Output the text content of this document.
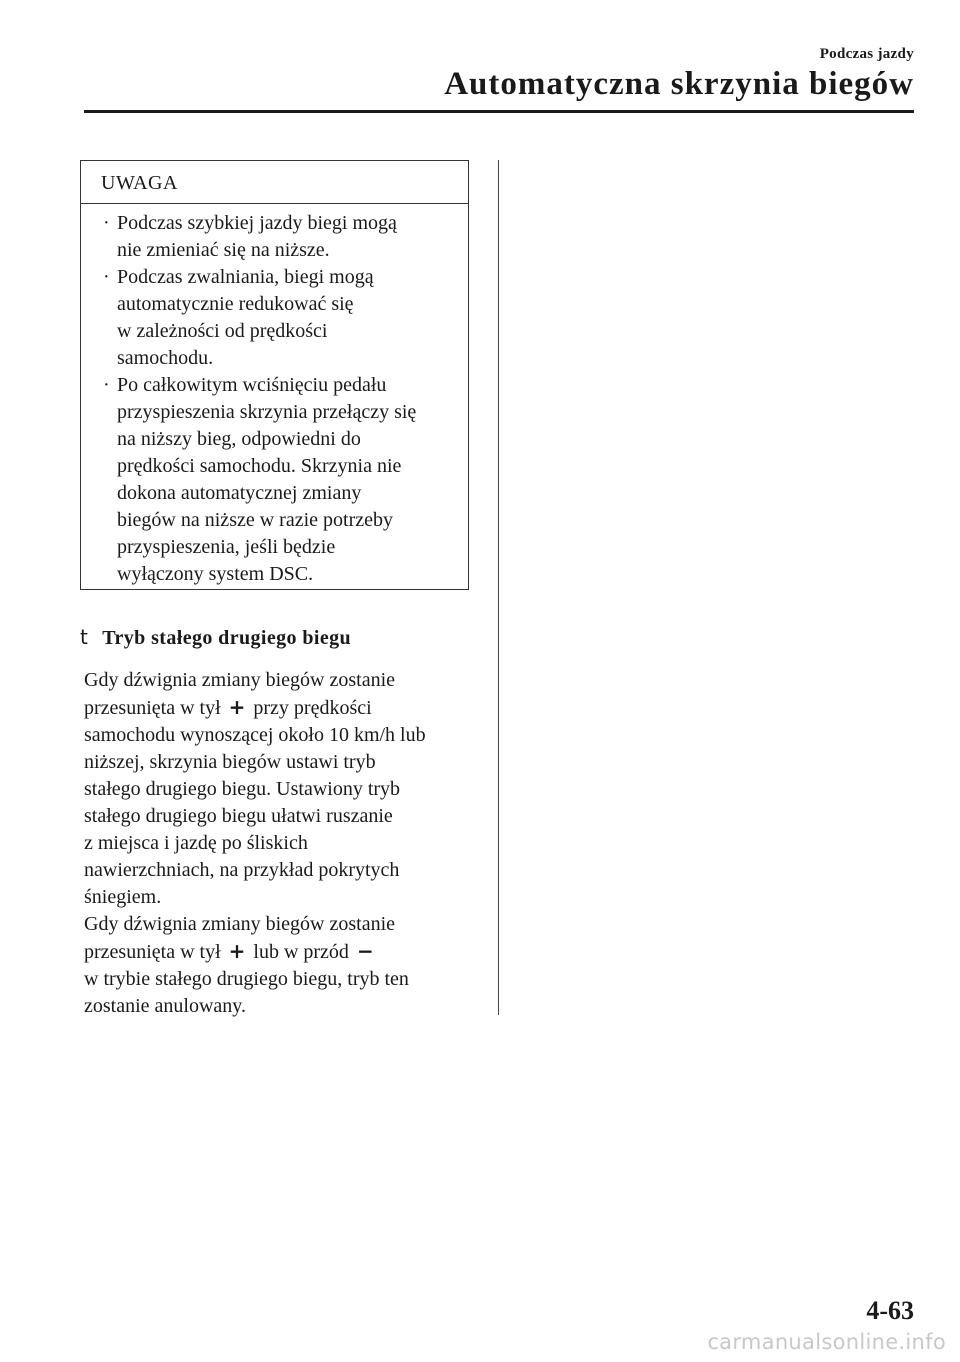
Podczas jazdy
Automatyczna skrzynia biegów
UWAGA
· Podczas szybkiej jazdy biegi mogą
nie zmieniać się na niższe.
· Podczas zwalniania, biegi mogą
automatycznie redukować się
w zależności od prędkości
samochodu.
· Po całkowitym wciśnięciu pedału
przyspieszenia skrzynia przełączy się
na niższy bieg, odpowiedni do
prędkości samochodu. Skrzynia nie
dokona automatycznej zmiany
biegów na niższe w razie potrzeby
przyspieszenia, jeśli będzie
wyłączony system DSC.
t Tryb stałego drugiego biegu

Gdy dźwignia zmiany biegów zostanie
przesunięta w tył + przy prędkości
samochodu wynoszącej około 10 km/h lub
niższej, skrzynia biegów ustawi tryb
stałego drugiego biegu. Ustawiony tryb
stałego drugiego biegu ułatwi ruszanie
z miejsca i jazdę po śliskich
nawierzchniach, na przykład pokrytych
śniegiem.
Gdy dźwignia zmiany biegów zostanie
przesunięta w tył + lub w przód −
w trybie stałego drugiego biegu, tryb ten
zostanie anulowany.

4-63
carmanualsonline.info
